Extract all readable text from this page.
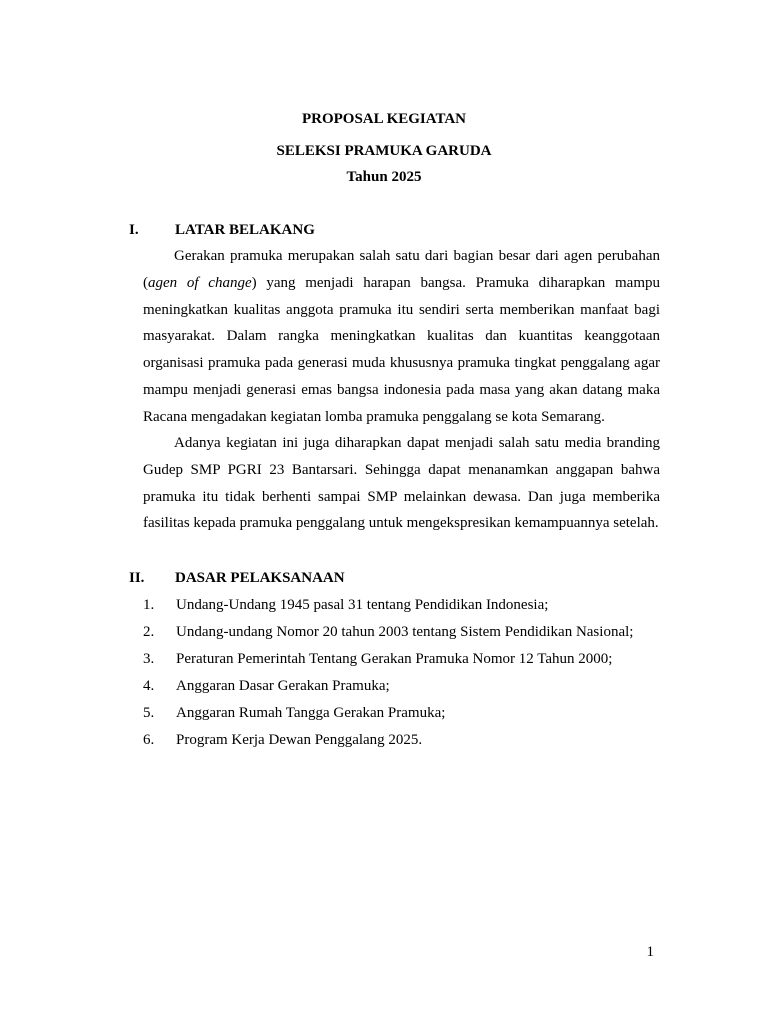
PROPOSAL KEGIATAN
SELEKSI PRAMUKA GARUDA
Tahun 2025
I. LATAR BELAKANG

Gerakan pramuka merupakan salah satu dari bagian besar dari agen perubahan (agen of change) yang menjadi harapan bangsa. Pramuka diharapkan mampu meningkatkan kualitas anggota pramuka itu sendiri serta memberikan manfaat bagi masyarakat. Dalam rangka meningkatkan kualitas dan kuantitas keanggotaan organisasi pramuka pada generasi muda khususnya pramuka tingkat penggalang agar mampu menjadi generasi emas bangsa indonesia pada masa yang akan datang maka Racana mengadakan kegiatan lomba pramuka penggalang se kota Semarang.

Adanya kegiatan ini juga diharapkan dapat menjadi salah satu media branding Gudep SMP PGRI 23 Bantarsari. Sehingga dapat menanamkan anggapan bahwa pramuka itu tidak berhenti sampai SMP melainkan dewasa. Dan juga memberika fasilitas kepada pramuka penggalang untuk mengekspresikan kemampuannya setelah.

II. DASAR PELAKSANAAN
1. Undang-Undang 1945 pasal 31 tentang Pendidikan Indonesia;
2. Undang-undang Nomor 20 tahun 2003 tentang Sistem Pendidikan Nasional;
3. Peraturan Pemerintah Tentang Gerakan Pramuka Nomor 12 Tahun 2000;
4. Anggaran Dasar Gerakan Pramuka;
5. Anggaran Rumah Tangga Gerakan Pramuka;
6. Program Kerja Dewan Penggalang 2025.
1
